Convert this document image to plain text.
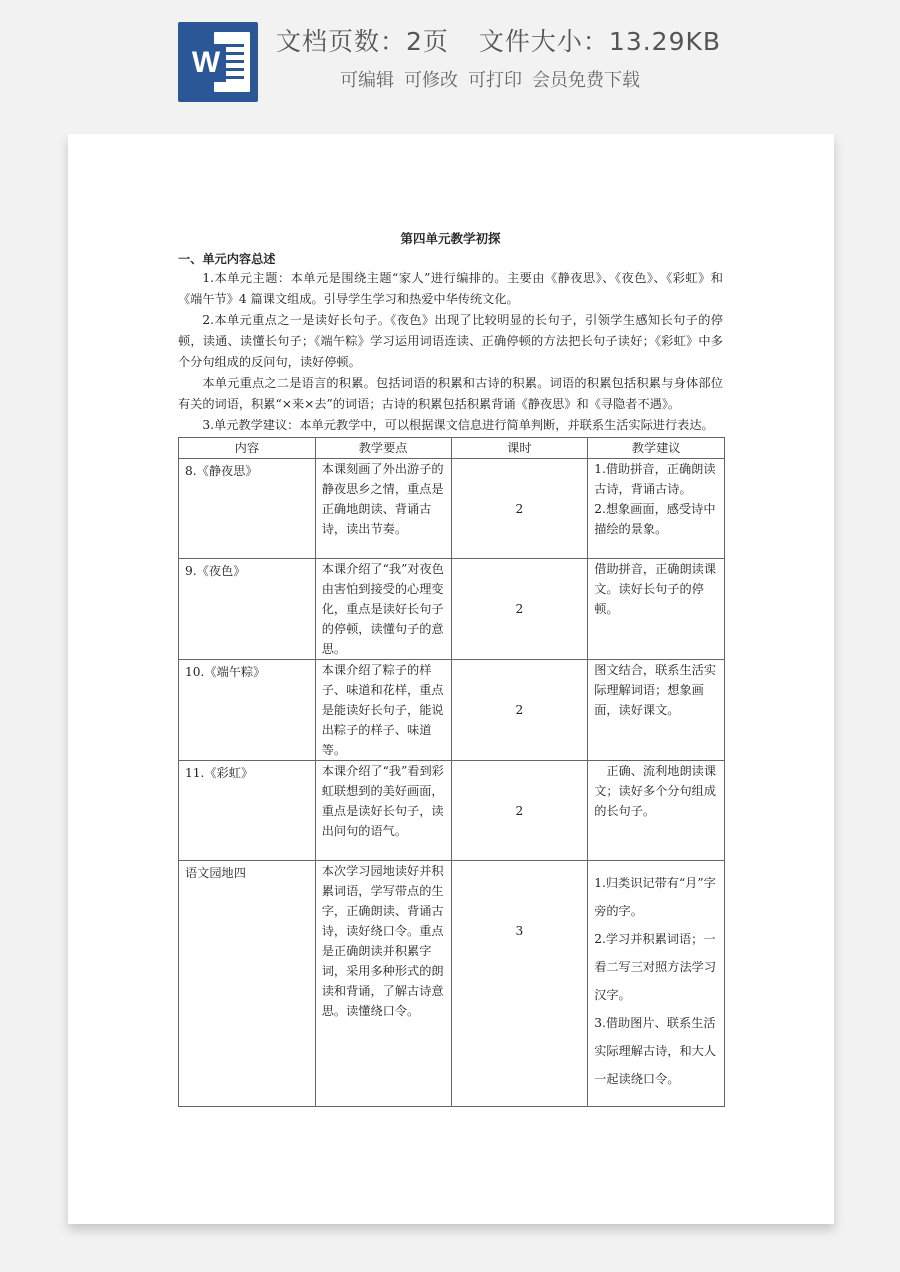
W
文档页数：2页 文件大小：13.29KB
可编辑 可修改 可打印 会员免费下载
第四单元教学初探
一、单元内容总述

1.本单元主题：本单元是围绕主题“家人”进行编排的。主要由《静夜思》、《夜色》、《彩虹》和《端午节》4 篇课文组成。引导学生学习和热爱中华传统文化。

2.本单元重点之一是读好长句子。《夜色》出现了比较明显的长句子，引领学生感知长句子的停顿，读通、读懂长句子；《端午粽》学习运用词语连读、正确停顿的方法把长句子读好；《彩虹》中多个分句组成的反问句，读好停顿。

本单元重点之二是语言的积累。包括词语的积累和古诗的积累。词语的积累包括积累与身体部位有关的词语，积累“×来×去”的词语；古诗的积累包括积累背诵《静夜思》和《寻隐者不遇》。

3.单元教学建议：本单元教学中，可以根据课文信息进行简单判断，并联系生活实际进行表达。

内容	教学要点	课时	教学建议
8.《静夜思》	本课刻画了外出游子的静夜思乡之情，重点是正确地朗读、背诵古诗，读出节奏。	2	1.借助拼音，正确朗读古诗，背诵古诗。
2.想象画面，感受诗中描绘的景象。

9.《夜色》	本课介绍了“我”对夜色由害怕到接受的心理变化，重点是读好长句子的停顿，读懂句子的意思。	2	借助拼音，正确朗读课文。读好长句子的停顿。

10.《端午粽》	本课介绍了粽子的样子、味道和花样，重点是能读好长句子，能说出粽子的样子、味道等。	2	图文结合，联系生活实际理解词语；想象画面，读好课文。

11.《彩虹》	本课介绍了“我”看到彩虹联想到的美好画面，重点是读好长句子，读出问句的语气。	2	　正确、流利地朗读课文；读好多个分句组成的长句子。

语文园地四	本次学习园地读好并积累词语，学写带点的生字，正确朗读、背诵古诗，读好绕口令。重点是正确朗读并积累字词，采用多种形式的朗读和背诵，了解古诗意思。读懂绕口令。	3	1.归类识记带有“月”字旁的字。
2.学习并积累词语；一看二写三对照方法学习汉字。
3.借助图片、联系生活实际理解古诗，和大人一起读绕口令。
